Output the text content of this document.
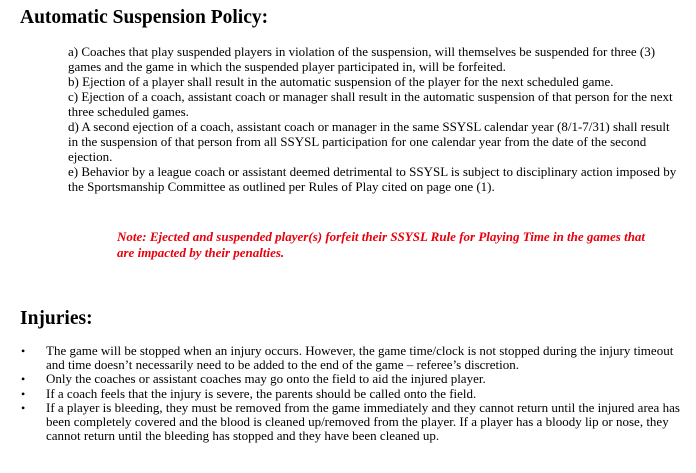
Automatic Suspension Policy:
a) Coaches that play suspended players in violation of the suspension, will themselves be suspended for three (3) games and the game in which the suspended player participated in, will be forfeited.
b) Ejection of a player shall result in the automatic suspension of the player for the next scheduled game.
c) Ejection of a coach, assistant coach or manager shall result in the automatic suspension of that person for the next three scheduled games.
d) A second ejection of a coach, assistant coach or manager in the same SSYSL calendar year (8/1-7/31) shall result in the suspension of that person from all SSYSL participation for one calendar year from the date of the second ejection.
e) Behavior by a league coach or assistant deemed detrimental to SSYSL is subject to disciplinary action imposed by the Sportsmanship Committee as outlined per Rules of Play cited on page one (1).

Note: Ejected and suspended player(s) forfeit their SSYSL Rule for Playing Time in the games that are impacted by their penalties.

Injuries:
• The game will be stopped when an injury occurs. However, the game time/clock is not stopped during the injury timeout and time doesn’t necessarily need to be added to the end of the game – referee’s discretion.
• Only the coaches or assistant coaches may go onto the field to aid the injured player.
• If a coach feels that the injury is severe, the parents should be called onto the field.
• If a player is bleeding, they must be removed from the game immediately and they cannot return until the injured area has been completely covered and the blood is cleaned up/removed from the player. If a player has a bloody lip or nose, they cannot return until the bleeding has stopped and they have been cleaned up.
